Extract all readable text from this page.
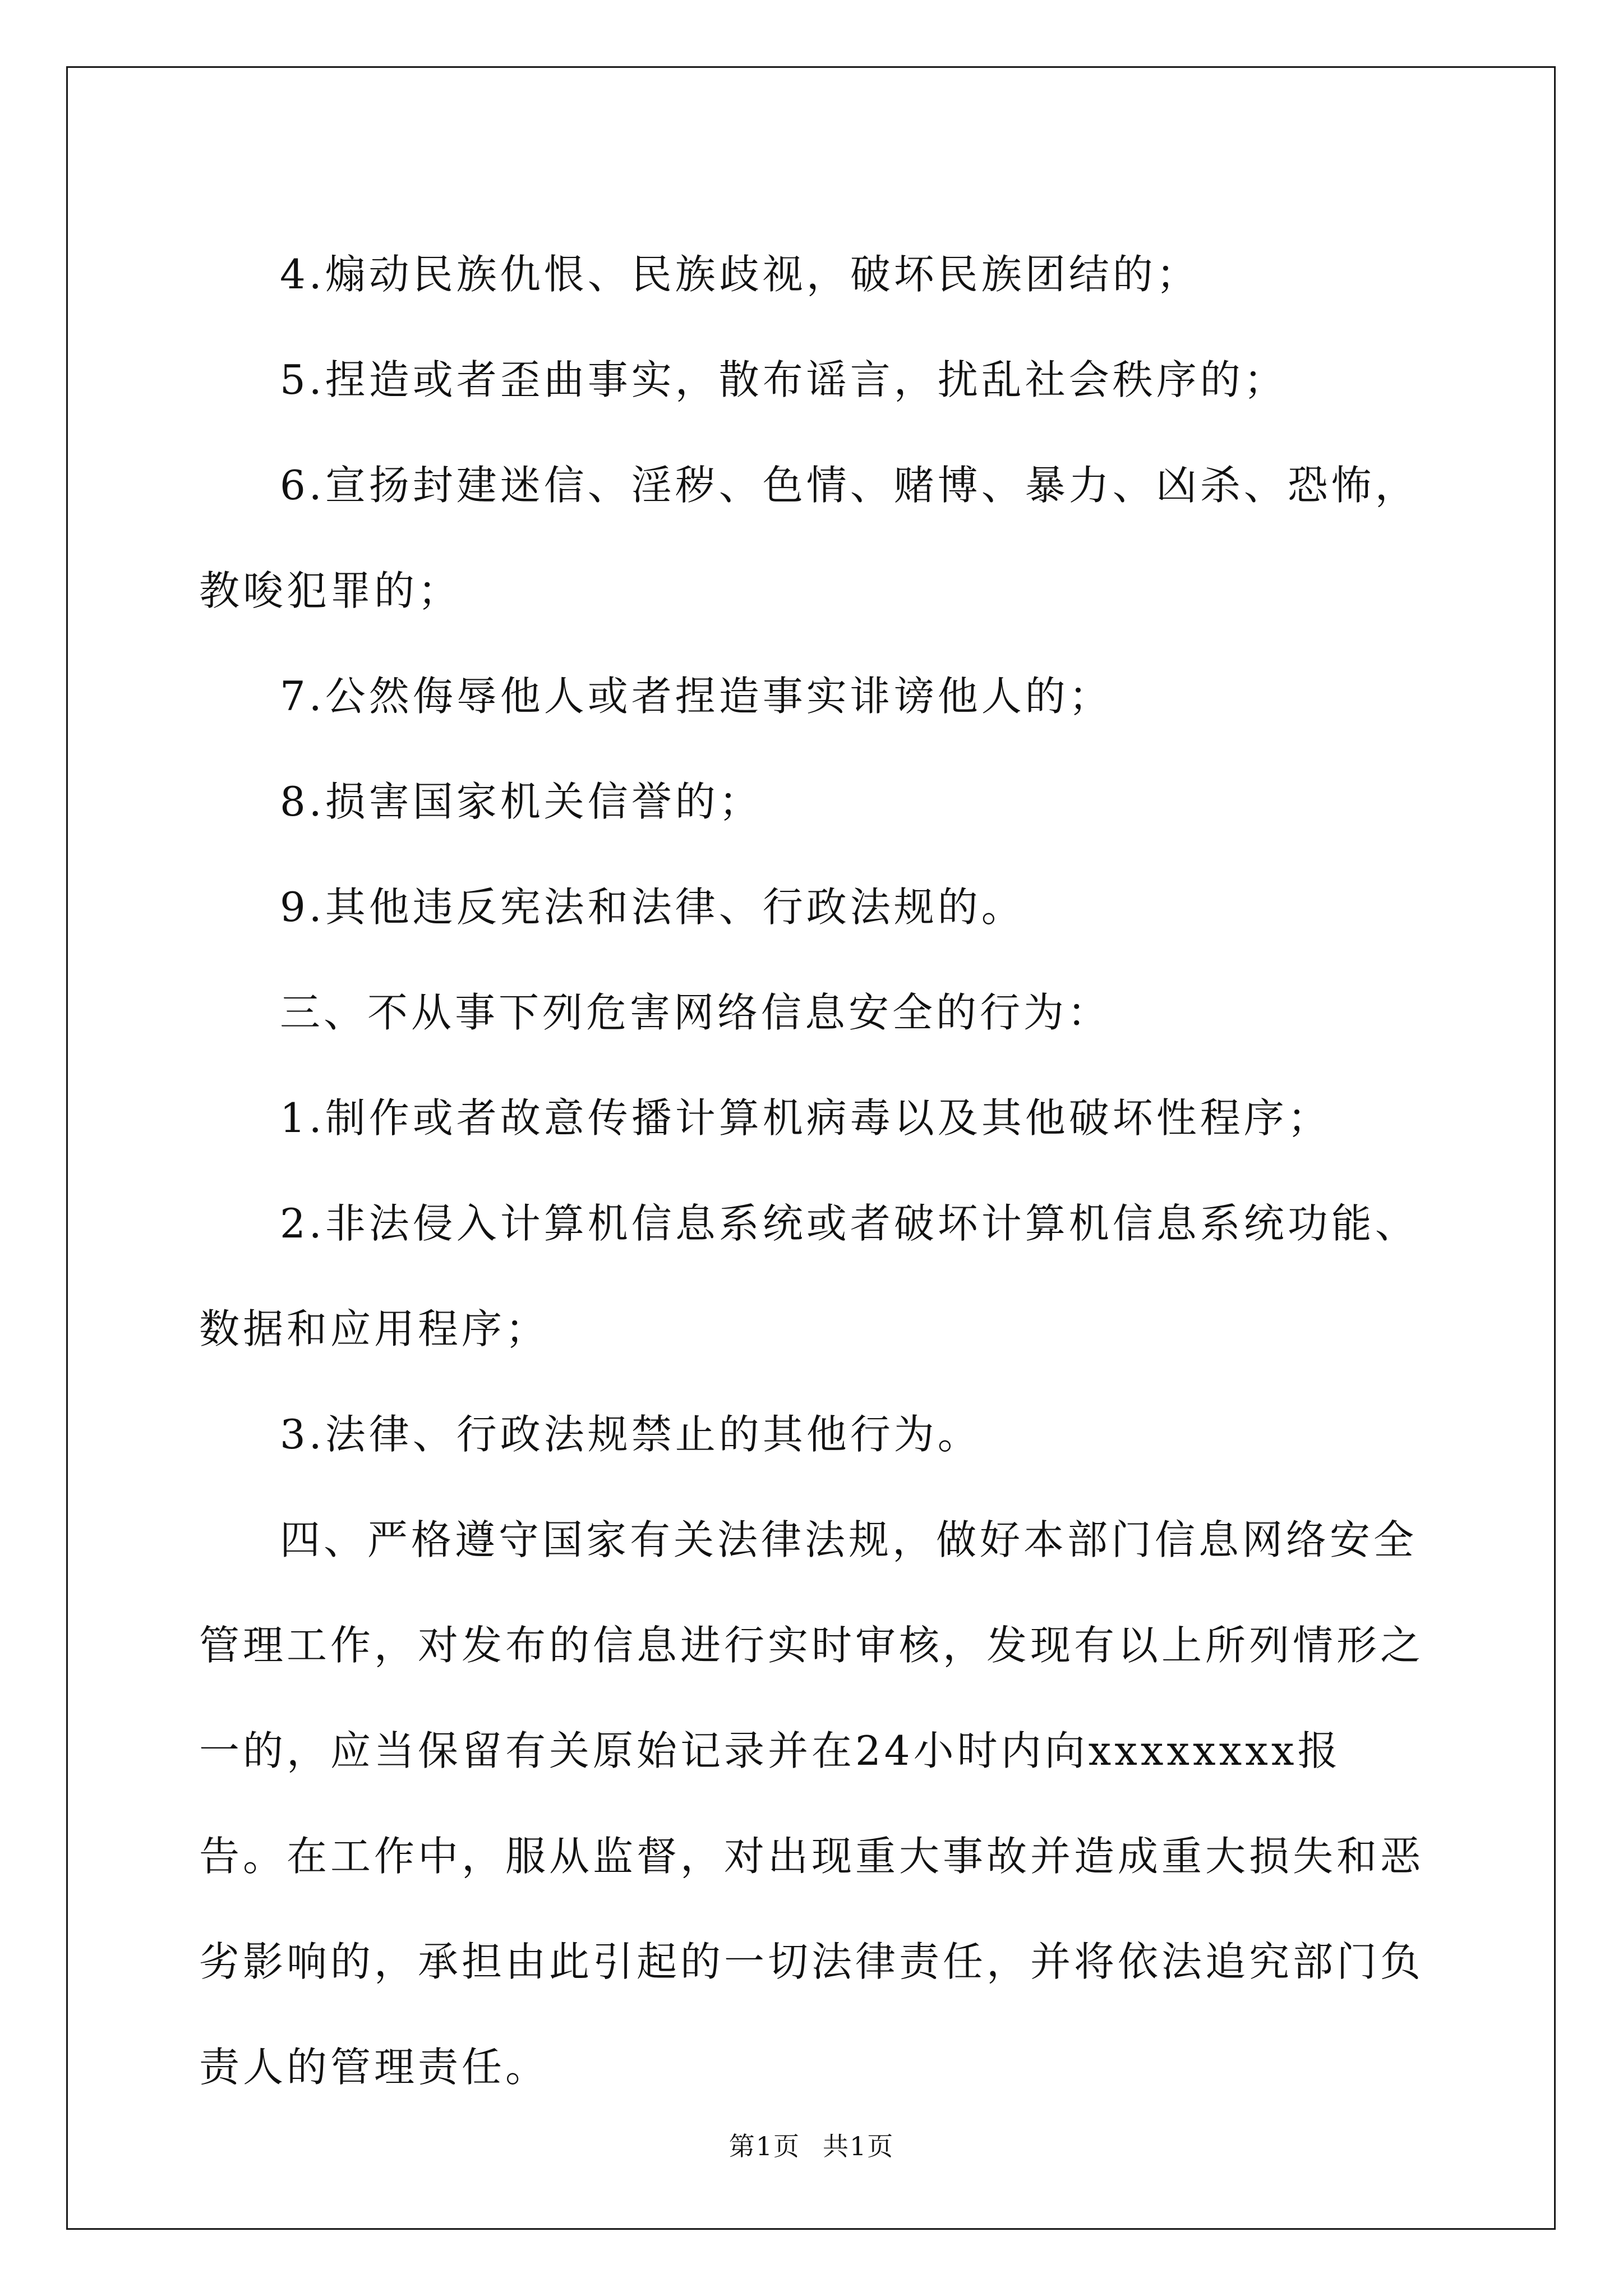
4.煽动民族仇恨、民族歧视，破坏民族团结的；

5.捏造或者歪曲事实，散布谣言，扰乱社会秩序的；

6.宣扬封建迷信、淫秽、色情、赌博、暴力、凶杀、恐怖，教唆犯罪的；

7.公然侮辱他人或者捏造事实诽谤他人的；

8.损害国家机关信誉的；

9.其他违反宪法和法律、行政法规的。

三、不从事下列危害网络信息安全的行为：

1.制作或者故意传播计算机病毒以及其他破坏性程序；

2.非法侵入计算机信息系统或者破坏计算机信息系统功能、数据和应用程序；

3.法律、行政法规禁止的其他行为。

四、严格遵守国家有关法律法规，做好本部门信息网络安全管理工作，对发布的信息进行实时审核，发现有以上所列情形之一的，应当保留有关原始记录并在24小时内向xxxxxxxx报告。在工作中，服从监督，对出现重大事故并造成重大损失和恶劣影响的，承担由此引起的一切法律责任，并将依法追究部门负责人的管理责任。

第1页 共1页
